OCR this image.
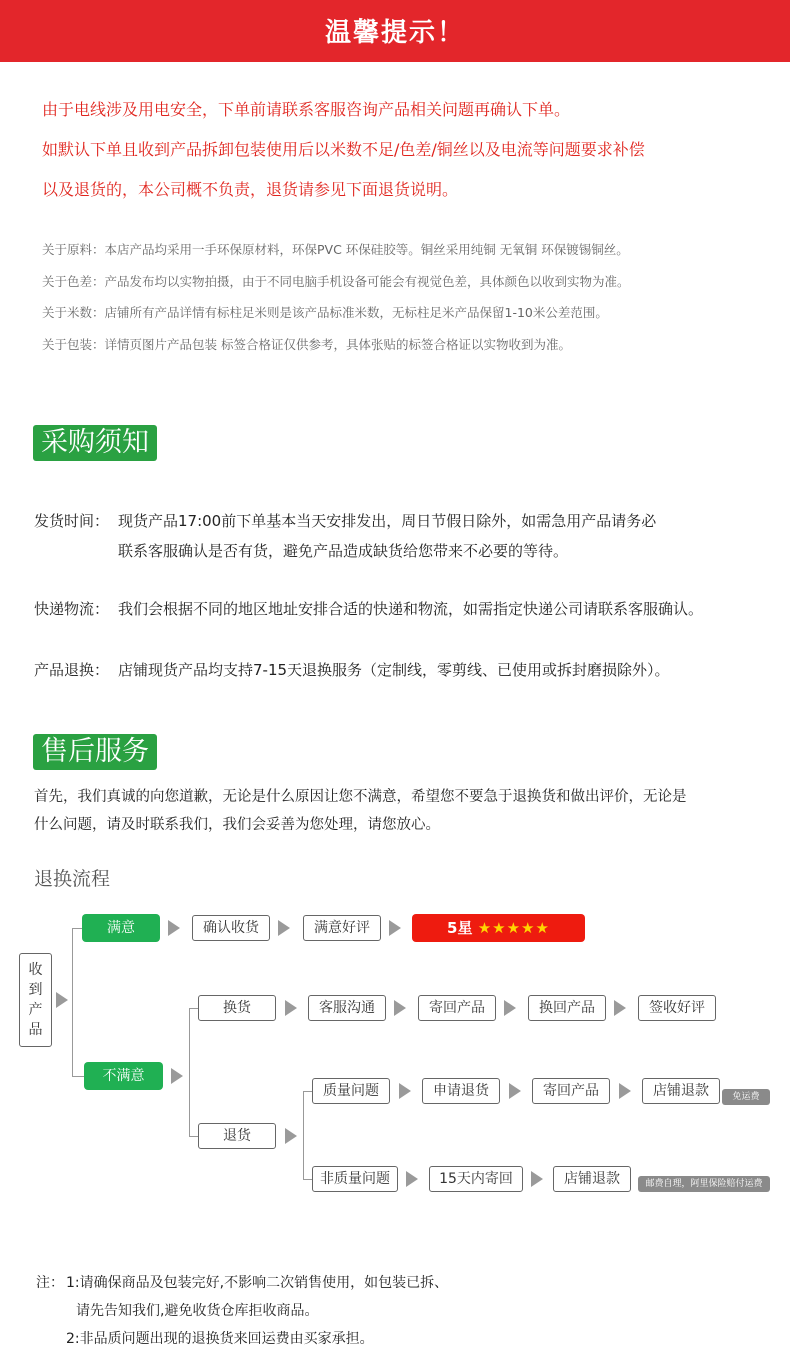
温馨提示！
由于电线涉及用电安全，下单前请联系客服咨询产品相关问题再确认下单。
如默认下单且收到产品拆卸包装使用后以米数不足/色差/铜丝以及电流等问题要求补偿
以及退货的，本公司概不负责，退货请参见下面退货说明。
关于原料：本店产品均采用一手环保原材料，环保PVC 环保硅胶等。铜丝采用纯铜 无氧铜 环保镀锡铜丝。
关于色差：产品发布均以实物拍摄，由于不同电脑手机设备可能会有视觉色差，具体颜色以收到实物为准。
关于米数：店铺所有产品详情有标柱足米则是该产品标准米数，无标柱足米产品保留1-10米公差范围。
关于包装：详情页图片产品包装 标签合格证仅供参考，具体张贴的标签合格证以实物收到为准。
采购须知
发货时间： 现货产品17:00前下单基本当天安排发出，周日节假日除外，如需急用产品请务必
联系客服确认是否有货，避免产品造成缺货给您带来不必要的等待。
快递物流： 我们会根据不同的地区地址安排合适的快递和物流，如需指定快递公司请联系客服确认。
产品退换： 店铺现货产品均支持7-15天退换服务（定制线，零剪线、已使用或拆封磨损除外）。
售后服务
首先，我们真诚的向您道歉，无论是什么原因让您不满意，希望您不要急于退换货和做出评价，无论是
什么问题，请及时联系我们，我们会妥善为您处理，请您放心。
退换流程
收
到
产
品
满意	确认收货	满意好评	5星 ★★★★★
不满意
换货	客服沟通	寄回产品	换回产品	签收好评
退货
质量问题	申请退货	寄回产品	店铺退款	免运费
非质量问题	15天内寄回	店铺退款	邮费自理，阿里保险赔付运费
注： 1:请确保商品及包装完好,不影响二次销售使用，如包装已拆、
请先告知我们,避免收货仓库拒收商品。
2:非品质问题出现的退换货来回运费由买家承担。
